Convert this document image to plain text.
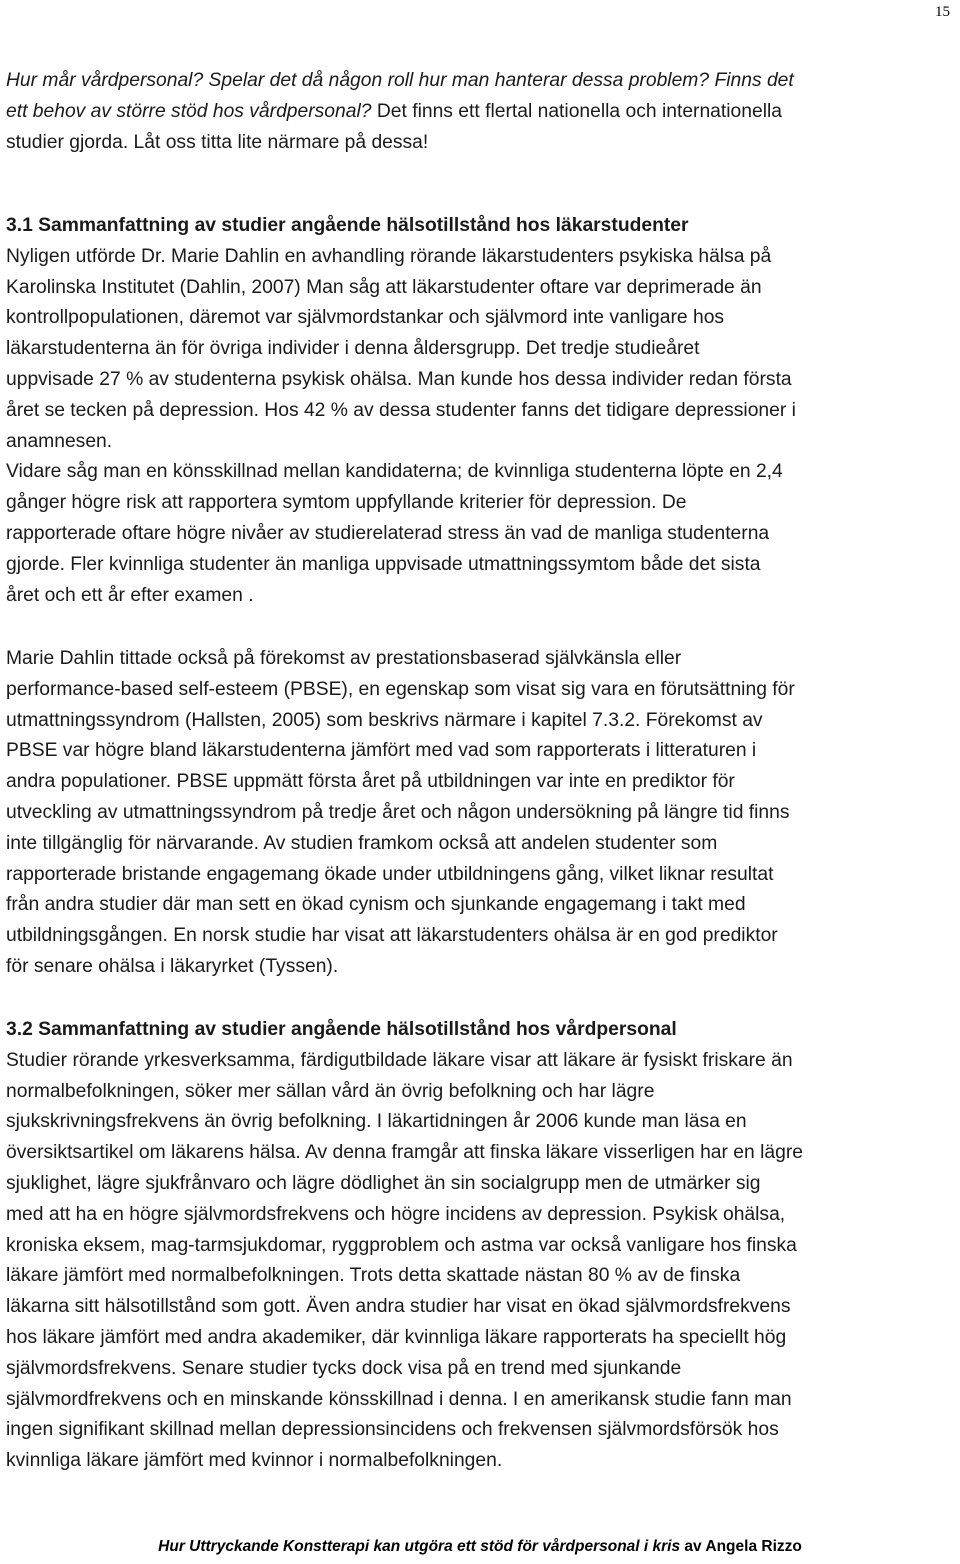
15
Hur mår vårdpersonal? Spelar det då någon roll hur man hanterar dessa problem? Finns det
ett behov av större stöd hos vårdpersonal? Det finns ett flertal nationella och internationella
studier gjorda. Låt oss titta lite närmare på dessa!
3.1 Sammanfattning av studier angående hälsotillstånd hos läkarstudenter
Nyligen utförde Dr. Marie Dahlin en avhandling rörande läkarstudenters psykiska hälsa på
Karolinska Institutet (Dahlin, 2007) Man såg att läkarstudenter oftare var deprimerade än
kontrollpopulationen, däremot var självmordstankar och självmord inte vanligare hos
läkarstudenterna än för övriga individer i denna åldersgrupp. Det tredje studieåret
uppvisade 27 % av studenterna psykisk ohälsa. Man kunde hos dessa individer redan första
året se tecken på depression. Hos 42 % av dessa studenter fanns det tidigare depressioner i
anamnesen.
Vidare såg man en könsskillnad mellan kandidaterna; de kvinnliga studenterna löpte en 2,4
gånger högre risk att rapportera symtom uppfyllande kriterier för depression. De
rapporterade oftare högre nivåer av studierelaterad stress än vad de manliga studenterna
gjorde. Fler kvinnliga studenter än manliga uppvisade utmattningssymtom både det sista
året och ett år efter examen .
Marie Dahlin tittade också på förekomst av prestationsbaserad självkänsla eller
performance-based self-esteem (PBSE), en egenskap som visat sig vara en förutsättning för
utmattningssyndrom (Hallsten, 2005) som beskrivs närmare i kapitel 7.3.2. Förekomst av
PBSE var högre bland läkarstudenterna jämfört med vad som rapporterats i litteraturen i
andra populationer. PBSE uppmätt första året på utbildningen var inte en prediktor för
utveckling av utmattningssyndrom på tredje året och någon undersökning på längre tid finns
inte tillgänglig för närvarande. Av studien framkom också att andelen studenter som
rapporterade bristande engagemang ökade under utbildningens gång, vilket liknar resultat
från andra studier där man sett en ökad cynism och sjunkande engagemang i takt med
utbildningsgången. En norsk studie har visat att läkarstudenters ohälsa är en god prediktor
för senare ohälsa i läkaryrket (Tyssen).
3.2 Sammanfattning av studier angående hälsotillstånd hos vårdpersonal
Studier rörande yrkesverksamma, färdigutbildade läkare visar att läkare är fysiskt friskare än
normalbefolkningen, söker mer sällan vård än övrig befolkning och har lägre
sjukskrivningsfrekvens än övrig befolkning. I läkartidningen år 2006 kunde man läsa en
översiktsartikel om läkarens hälsa. Av denna framgår att finska läkare visserligen har en lägre
sjuklighet, lägre sjukfrånvaro och lägre dödlighet än sin socialgrupp men de utmärker sig
med att ha en högre självmordsfrekvens och högre incidens av depression. Psykisk ohälsa,
kroniska eksem, mag-tarmsjukdomar, ryggproblem och astma var också vanligare hos finska
läkare jämfört med normalbefolkningen. Trots detta skattade nästan 80 % av de finska
läkarna sitt hälsotillstånd som gott. Även andra studier har visat en ökad självmordsfrekvens
hos läkare jämfört med andra akademiker, där kvinnliga läkare rapporterats ha speciellt hög
självmordsfrekvens. Senare studier tycks dock visa på en trend med sjunkande
självmordfrekvens och en minskande könsskillnad i denna. I en amerikansk studie fann man
ingen signifikant skillnad mellan depressionsincidens och frekvensen självmordsförsök hos
kvinnliga läkare jämfört med kvinnor i normalbefolkningen.
Hur Uttryckande Konstterapi kan utgöra ett stöd för vårdpersonal i kris av Angela Rizzo
